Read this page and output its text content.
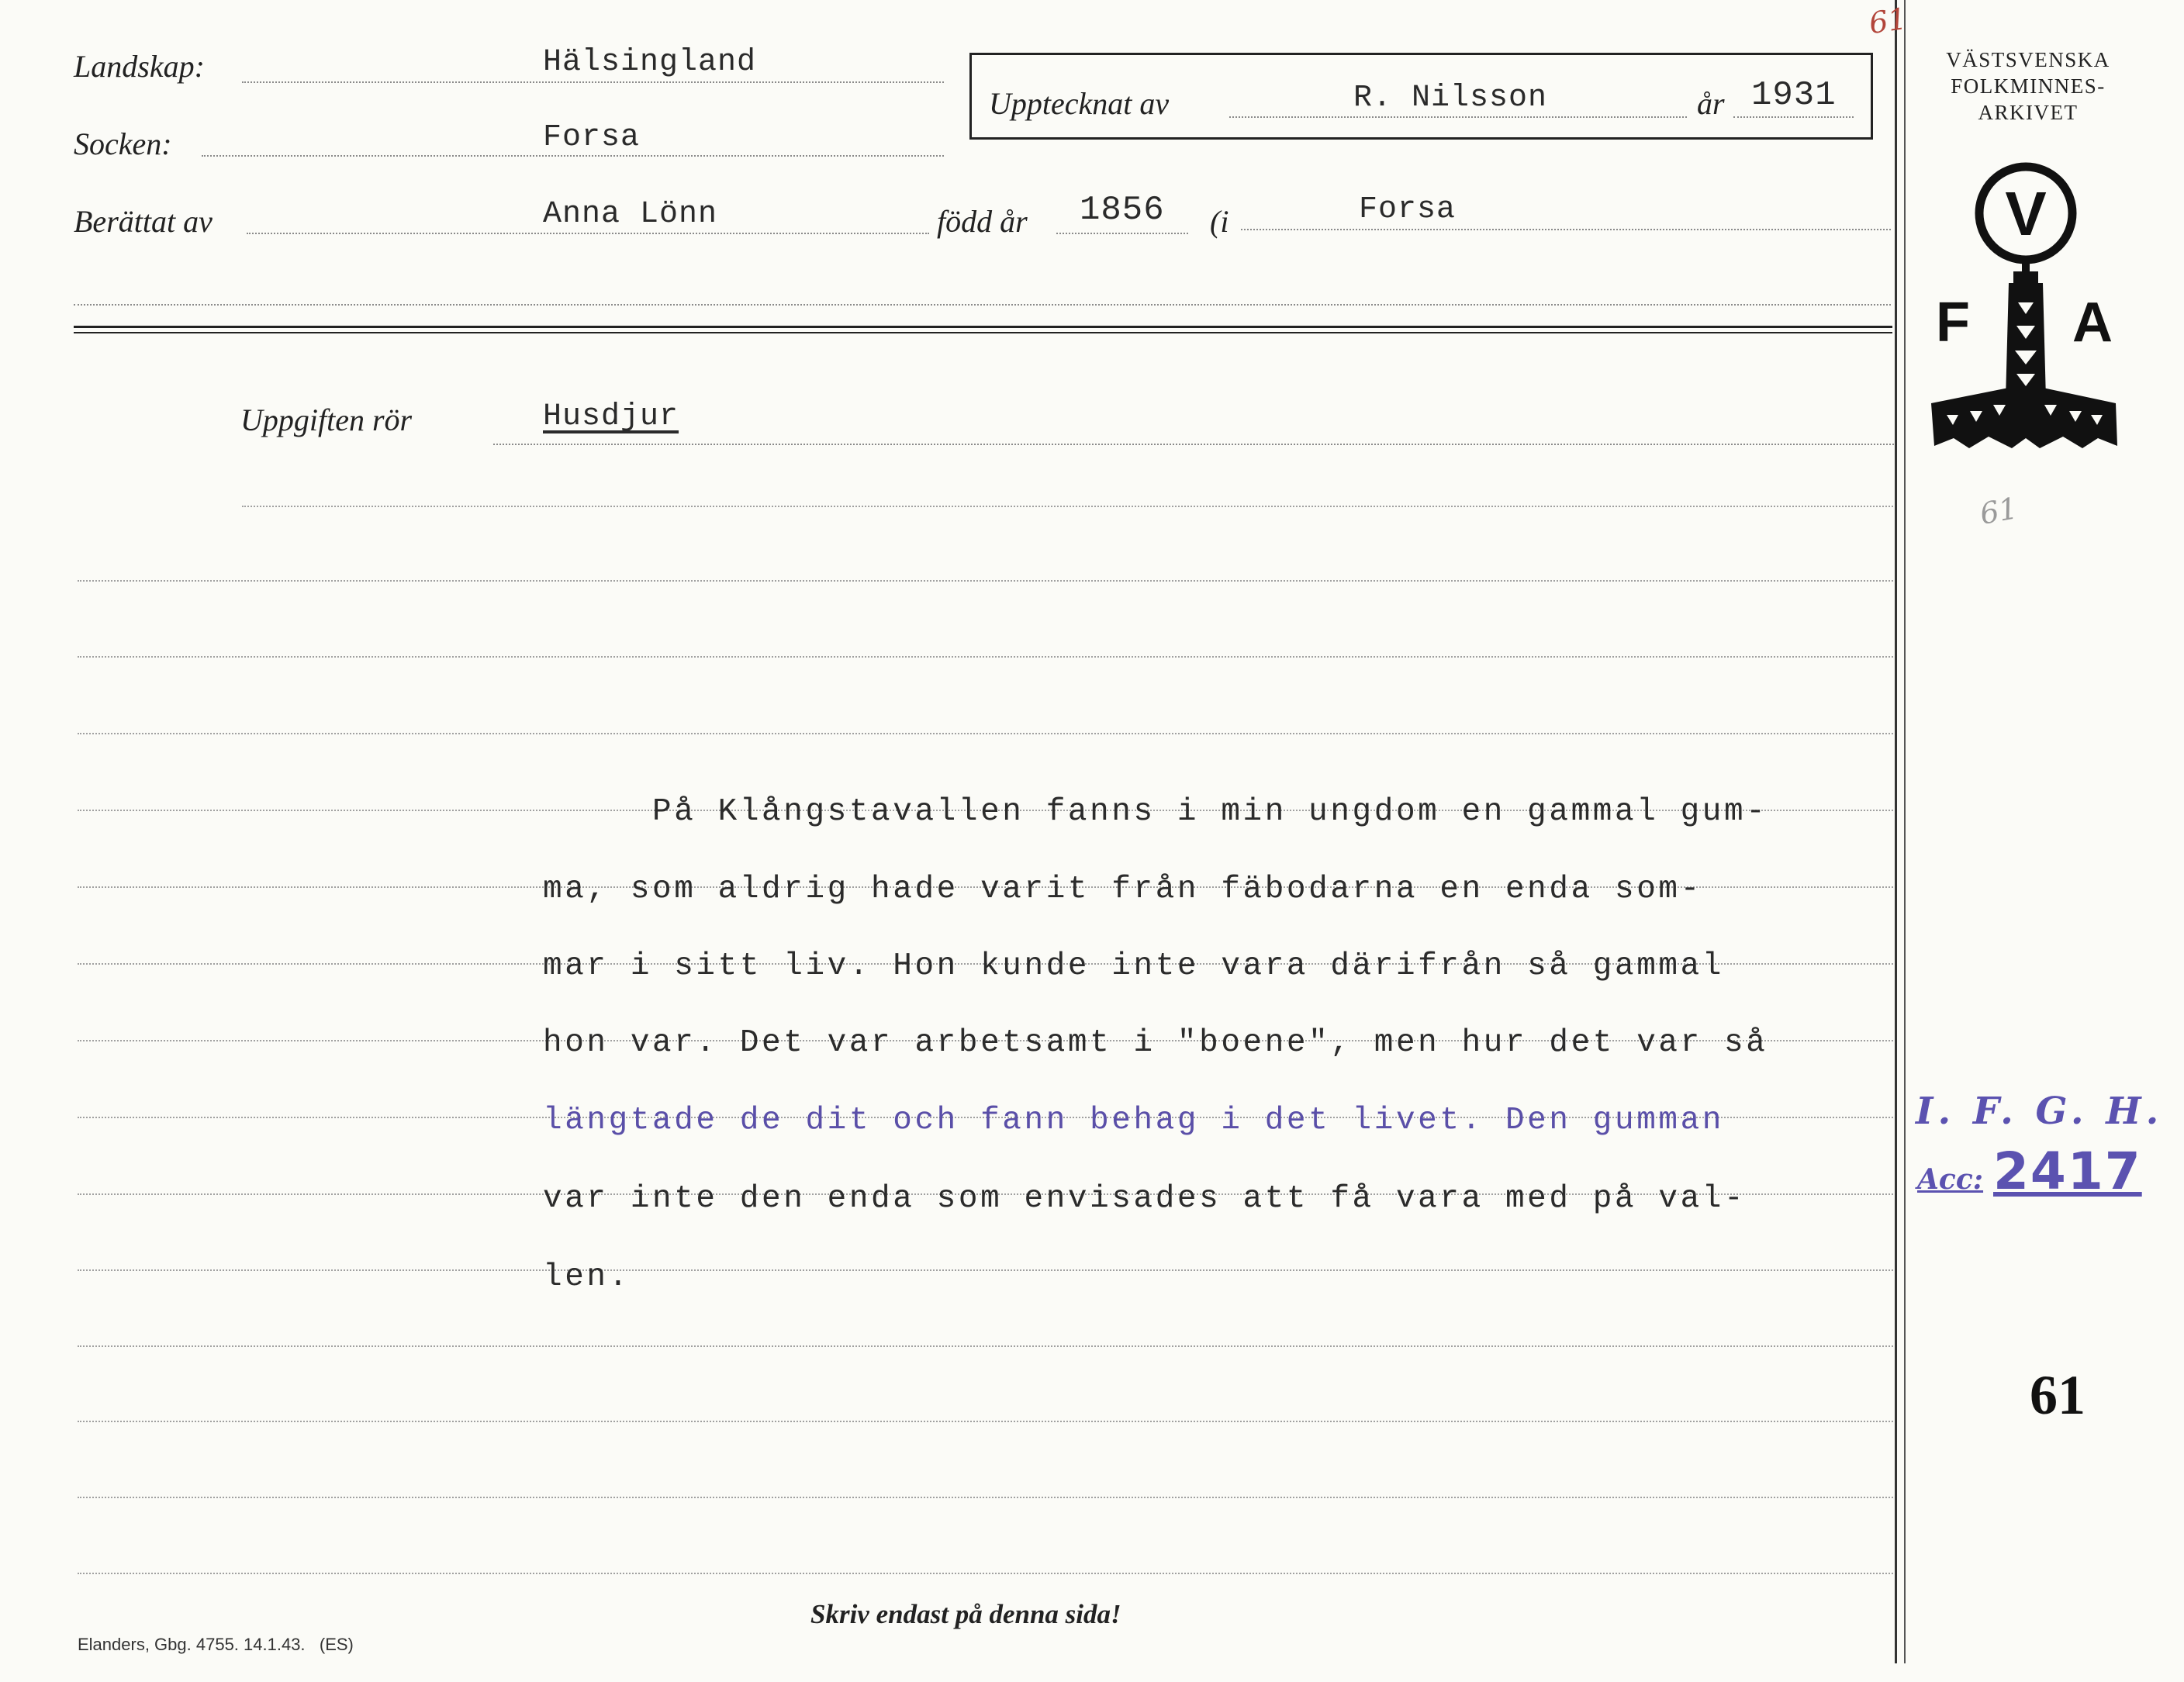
Landskap:	Hälsingland
Socken:	Forsa
Upptecknat av	R. Nilsson	år 1931
Berättat av	Anna Lönn	född år 1856 (i	Forsa
Uppgiften rör	Husdjur
På Klångstavallen fanns i min ungdom en gammal gum-
ma, som aldrig hade varit från fäbodarna en enda som-
mar i sitt liv. Hon kunde inte vara därifrån så gammal
hon var. Det var arbetsamt i "boene", men hur det var så
längtade de dit och fann behag i det livet. Den gumman
var inte den enda som envisades att få vara med på val-
len.
Skriv endast på denna sida!
Elanders, Gbg. 4755. 14.1.43.   (ES)
VÄSTSVENSKA
FOLKMINNES-
ARKIVET
V
F A
61
61
I. F. G. H.
Acc: 2417
61
